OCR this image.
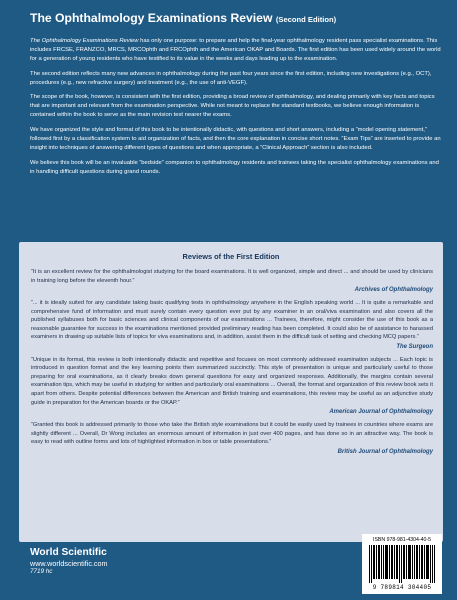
The Ophthalmology Examinations Review (Second Edition)

The Ophthalmology Examinations Review has only one purpose: to prepare and help the final-year ophthalmology resident pass specialist examinations. This includes FRCSE, FRANZCO, MRCS, MRCOphth and FRCOphth and the American OKAP and Boards. The first edition has been used widely around the world for a generation of young residents who have testified to its value in the weeks and days leading up to the examination.

The second edition reflects many new advances in ophthalmology during the past four years since the first edition, including new investigations (e.g., OCT), procedures (e.g., new refractive surgery) and treatment (e.g., the use of anti-VEGF).

The scope of the book, however, is consistent with the first edition, providing a broad review of ophthalmology, and dealing primarily with key facts and topics that are important and relevant from the examination perspective. While not meant to replace the standard textbooks, we believe enough information is contained within the book to serve as the main revision text nearer the exams.

We have organized the style and format of this book to be intentionally didactic, with questions and short answers, including a “model opening statement,” followed first by a classification system to aid organization of facts, and then the core explanation in concise short notes. “Exam Tips” are inserted to provide an insight into techniques of answering different types of questions and when appropriate, a “Clinical Approach” section is also included.

We believe this book will be an invaluable “bedside” companion to ophthalmology residents and trainees taking the specialist ophthalmology examinations and in handling difficult questions during grand rounds.

Reviews of the First Edition

“It is an excellent review for the ophthalmologist studying for the board examinations. It is well organized, simple and direct ... and should be used by clinicians in training long before the eleventh hour.”

Archives of Ophthalmology

“... it is ideally suited for any candidate taking basic qualifying tests in ophthalmology anywhere in the English speaking world ... It is quite a remarkable and comprehensive fund of information and must surely contain every question ever put by any examiner in an oral/viva examination and also covers all the published syllabuses both for basic sciences and clinical components of our examinations ... Trainees, therefore, might consider the use of this book as a reasonable guarantee for success in the examinations mentioned provided preliminary reading has been completed. It could also be of assistance to harassed examiners in drawing up suitable lists of topics for viva examinations and, in addition, assist them in the difficult task of setting and checking MCQ papers.”

The Surgeon

“Unique in its format, this review is both intentionally didactic and repetitive and focuses on most commonly addressed examination subjects ... Each topic is introduced in question format and the key learning points then summarized succinctly. This style of presentation is unique and particularly useful to those preparing for oral examinations, as it clearly breaks down general questions for easy and organized responses. Additionally, the margins contain several examination tips, which may be useful in studying for written and particularly oral examinations ... Overall, the format and organization of this review book sets it apart from others. Despite potential differences between the American and British training and examinations, this review may be useful as an adjunctive study guide in preparation for the American boards or the OKAP.”

American Journal of Ophthalmology

“Granted this book is addressed primarily to those who take the British style examinations but it could be easily used by trainees in countries where exams are slightly different ... Overall, Dr Wong includes an enormous amount of information in just over 400 pages, and has done so in an attractive way. The book is easy to read with outline forms and lots of highlighted information in box or table presentations.”

British Journal of Ophthalmology

World Scientific
www.worldscientific.com
7719 hc
ISBN 978-981-4304-40-5
9 789814 304405
